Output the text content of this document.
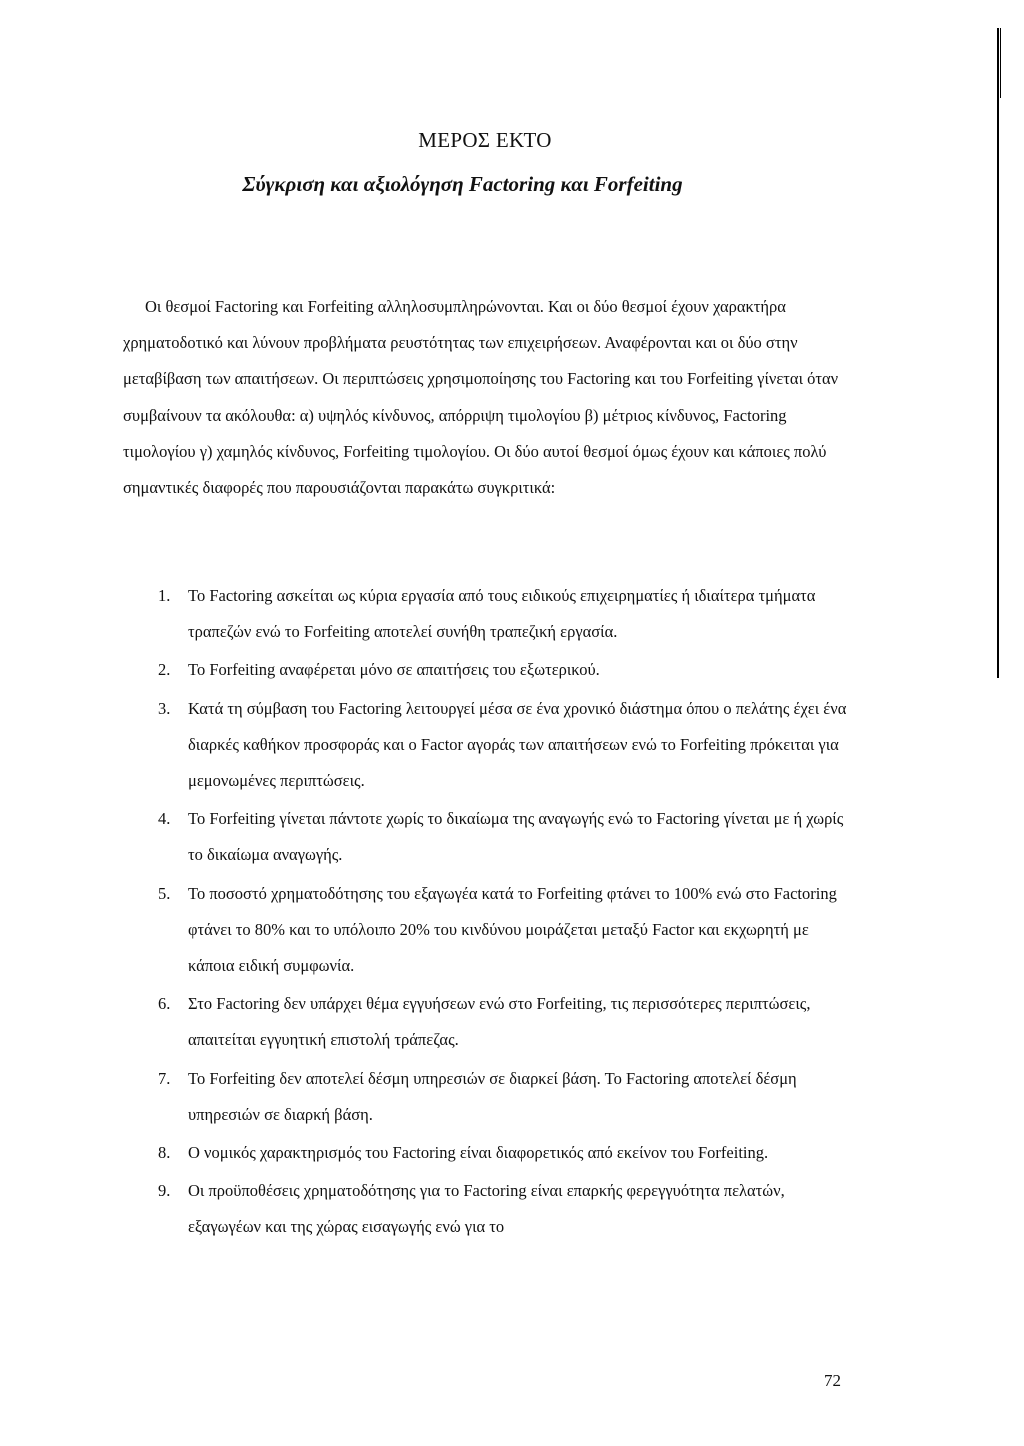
ΜΕΡΟΣ ΕΚΤΟ
Σύγκριση και αξιολόγηση Factoring και Forfeiting

Οι θεσμοί Factoring και Forfeiting αλληλοσυμπληρώνονται. Και οι δύο θεσμοί έχουν χαρακτήρα χρηματοδοτικό και λύνουν προβλήματα ρευστότητας των επιχειρήσεων. Αναφέρονται και οι δύο στην μεταβίβαση των απαιτήσεων. Οι περιπτώσεις χρησιμοποίησης του Factoring και του Forfeiting γίνεται όταν συμβαίνουν τα ακόλουθα: α) υψηλός κίνδυνος, απόρριψη τιμολογίου β) μέτριος κίνδυνος, Factoring τιμολογίου γ) χαμηλός κίνδυνος, Forfeiting τιμολογίου. Οι δύο αυτοί θεσμοί όμως έχουν και κάποιες πολύ σημαντικές διαφορές που παρουσιάζονται παρακάτω συγκριτικά:

1. Το Factoring ασκείται ως κύρια εργασία από τους ειδικούς επιχειρηματίες ή ιδιαίτερα τμήματα τραπεζών ενώ το Forfeiting αποτελεί συνήθη τραπεζική εργασία.
2. Το Forfeiting αναφέρεται μόνο σε απαιτήσεις του εξωτερικού.
3. Κατά τη σύμβαση του Factoring λειτουργεί μέσα σε ένα χρονικό διάστημα όπου ο πελάτης έχει ένα διαρκές καθήκον προσφοράς και ο Factor αγοράς των απαιτήσεων ενώ το Forfeiting πρόκειται για μεμονωμένες περιπτώσεις.
4. Το Forfeiting γίνεται πάντοτε χωρίς το δικαίωμα της αναγωγής ενώ το Factoring γίνεται με ή χωρίς το δικαίωμα αναγωγής.
5. Το ποσοστό χρηματοδότησης του εξαγωγέα κατά το Forfeiting φτάνει το 100% ενώ στο Factoring φτάνει το 80% και το υπόλοιπο 20% του κινδύνου μοιράζεται μεταξύ Factor και εκχωρητή με κάποια ειδική συμφωνία.
6. Στο Factoring δεν υπάρχει θέμα εγγυήσεων ενώ στο Forfeiting, τις περισσότερες περιπτώσεις, απαιτείται εγγυητική επιστολή τράπεζας.
7. Το Forfeiting δεν αποτελεί δέσμη υπηρεσιών σε διαρκεί βάση. Το Factoring αποτελεί δέσμη υπηρεσιών σε διαρκή βάση.
8. Ο νομικός χαρακτηρισμός του Factoring είναι διαφορετικός από εκείνον του Forfeiting.
9. Οι προϋποθέσεις χρηματοδότησης για το Factoring είναι επαρκής φερεγγυότητα πελατών, εξαγωγέων και της χώρας εισαγωγής ενώ για το
72
